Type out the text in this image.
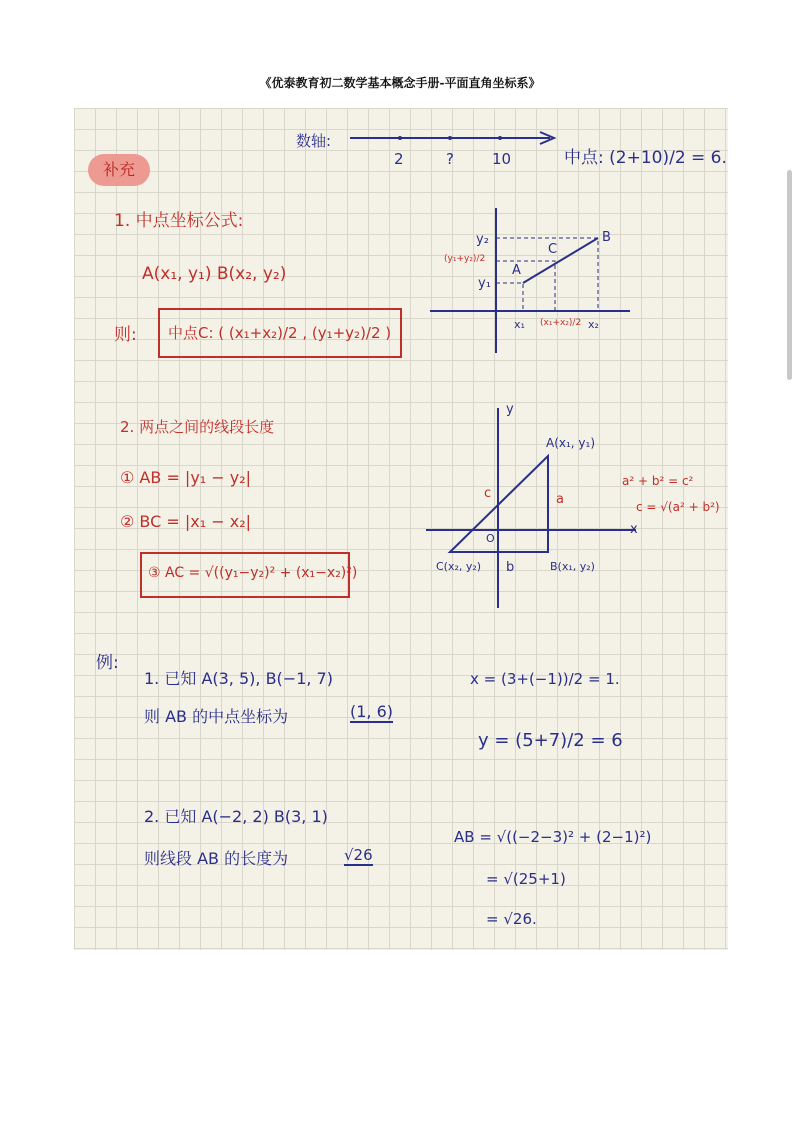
《优泰教育初二数学基本概念手册-平面直角坐标系》
补充
数轴:
2	?	10	中点: (2+10)/2 = 6.
1. 中点坐标公式:
A(x₁, y₁) B(x₂, y₂)
则: 中点C: ( (x₁+x₂)/2 , (y₁+y₂)/2 )
y₂
(y₁+y₂)/2
y₁
A
C
B
x₁ (x₁+x₂)/2 x₂
2. 两点之间的线段长度
① AB = |y₁ − y₂|
② BC = |x₁ − x₂|
③ AC = √((y₁−y₂)² + (x₁−x₂)²)
y
x
A(x₁, y₁)
B(x₁, y₂)
C(x₂, y₂)
O
a
b
c
a² + b² = c²
c = √(a² + b²)
例:
1. 已知 A(3, 5), B(−1, 7)
则 AB 的中点坐标为	(1, 6)
x = (3+(−1))/2 = 1.
y = (5+7)/2 = 6
2. 已知 A(−2, 2) B(3, 1)
则线段 AB 的长度为	√26
AB = √((−2−3)² + (2−1)²)
= √(25+1)
= √26.
